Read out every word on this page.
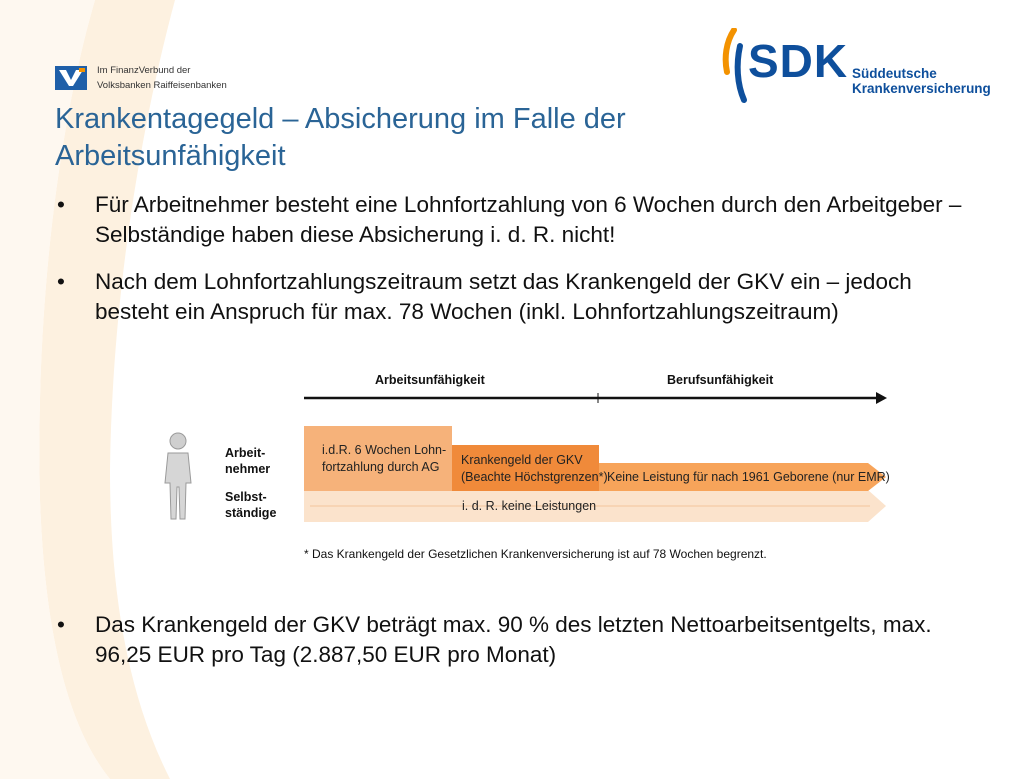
Im FinanzVerbund der
Volksbanken Raiffeisenbanken	SDK Süddeutsche
Krankenversicherung
Krankentagegeld – Absicherung im Falle der
Arbeitsunfähigkeit
• Für Arbeitnehmer besteht eine Lohnfortzahlung von 6 Wochen durch den Arbeitgeber – Selbständige haben diese Absicherung i. d. R. nicht!
• Nach dem Lohnfortzahlungszeitraum setzt das Krankengeld der GKV ein – jedoch besteht ein Anspruch für max. 78 Wochen (inkl. Lohnfortzahlungszeitraum)
Arbeitsunfähigkeit	Berufsunfähigkeit
Arbeit-
nehmer
Selbst-
ständige
i.d.R. 6 Wochen Lohn-
fortzahlung durch AG	Krankengeld der GKV
(Beachte Höchstgrenzen*) Keine Leistung für nach 1961 Geborene (nur EMR)
i. d. R. keine Leistungen
* Das Krankengeld der Gesetzlichen Krankenversicherung ist auf 78 Wochen begrenzt.
• Das Krankengeld der GKV beträgt max. 90 % des letzten Nettoarbeitsentgelts, max. 96,25 EUR pro Tag (2.887,50 EUR pro Monat)
